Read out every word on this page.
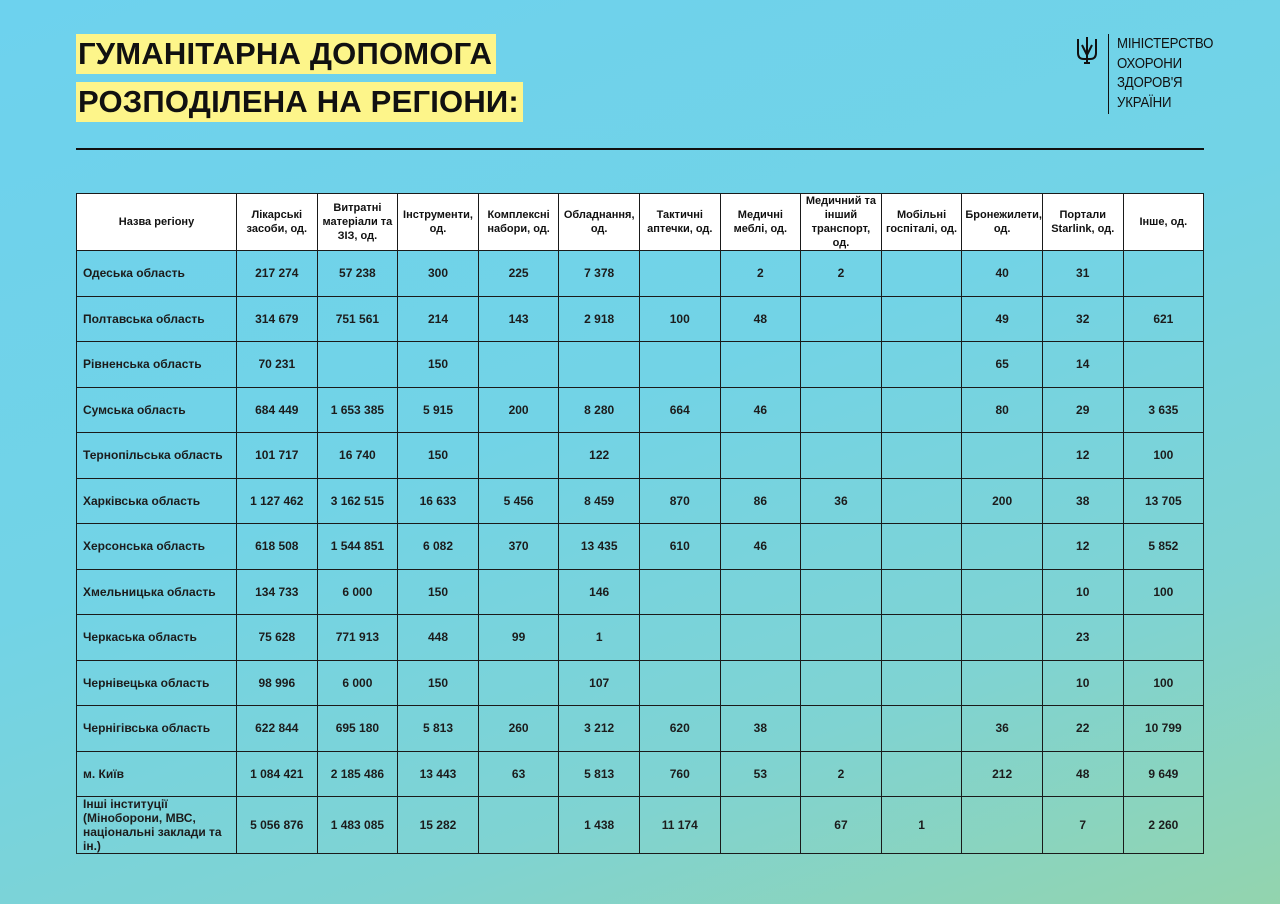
ГУМАНІТАРНА ДОПОМОГА
РОЗПОДІЛЕНА НА РЕГІОНИ:
МІНІСТЕРСТВО
ОХОРОНИ
ЗДОРОВ'Я
УКРАЇНИ
Назва регіону	Лікарські засоби, од.	Витратні матеріали та ЗІЗ, од.	Інструменти, од.	Комплексні набори, од.	Обладнання, од.	Тактичні аптечки, од.	Медичні меблі, од.	Медичний та інший транспорт, од.	Мобільні госпіталі, од.	Бронежилети, од.	Портали Starlink, од.	Інше, од.
Одеська область	217 274	57 238	300	225	7 378		2	2		40	31	
Полтавська область	314 679	751 561	214	143	2 918	100	48			49	32	621
Рівненська область	70 231		150							65	14	
Сумська область	684 449	1 653 385	5 915	200	8 280	664	46			80	29	3 635
Тернопільська область	101 717	16 740	150		122						12	100
Харківська область	1 127 462	3 162 515	16 633	5 456	8 459	870	86	36		200	38	13 705
Херсонська область	618 508	1 544 851	6 082	370	13 435	610	46				12	5 852
Хмельницька область	134 733	6 000	150		146						10	100
Черкаська область	75 628	771 913	448	99	1						23	
Чернівецька область	98 996	6 000	150		107						10	100
Чернігівська область	622 844	695 180	5 813	260	3 212	620	38			36	22	10 799
м. Київ	1 084 421	2 185 486	13 443	63	5 813	760	53	2		212	48	9 649
Інші інституції (Міноборони, МВС, національні заклади та ін.)	5 056 876	1 483 085	15 282		1 438	11 174		67	1		7	2 260
